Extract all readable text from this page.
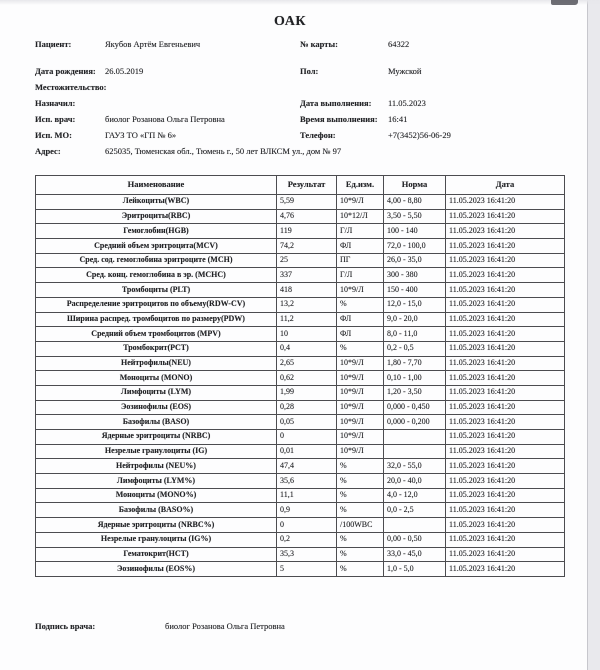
ОАК
Пациент:	Якубов Артём Евгеньевич	№ карты:	64322
Дата рождения: 26.05.2019	Пол:	Мужской
Местожительство:
Назначил:	Дата выполнения: 11.05.2023
Исп. врач:	биолог Розанова Ольга Петровна	Время выполнения: 16:41
Исп. МО:	ГАУЗ ТО «ГП № 6»	Телефон:	+7(3452)56-06-29
Адрес:	625035, Тюменская обл., Тюмень г., 50 лет ВЛКСМ ул., дом № 97
Наименование	Результат	Ед.изм.	Норма	Дата
Лейкоциты(WBC)	5,59	10*9/Л	4,00 - 8,80	11.05.2023 16:41:20
Эритроциты(RBC)	4,76	10*12/Л	3,50 - 5,50	11.05.2023 16:41:20
Гемоглобин(HGB)	119	Г/Л	100 - 140	11.05.2023 16:41:20
Средний объем эритроцита(MCV)	74,2	ФЛ	72,0 - 100,0	11.05.2023 16:41:20
Сред. сод. гемоглобина эритроците (MCH)	25	ПГ	26,0 - 35,0	11.05.2023 16:41:20
Сред. конц. гемоглобина в эр. (MCHC)	337	Г/Л	300 - 380	11.05.2023 16:41:20
Тромбоциты (PLT)	418	10*9/Л	150 - 400	11.05.2023 16:41:20
Распределение эритроцитов по объему(RDW-CV)	13,2	%	12,0 - 15,0	11.05.2023 16:41:20
Ширина распред. тромбоцитов по размеру(PDW)	11,2	ФЛ	9,0 - 20,0	11.05.2023 16:41:20
Средний объем тромбоцитов (MPV)	10	ФЛ	8,0 - 11,0	11.05.2023 16:41:20
Тромбокрит(PCT)	0,4	%	0,2 - 0,5	11.05.2023 16:41:20
Нейтрофилы(NEU)	2,65	10*9/Л	1,80 - 7,70	11.05.2023 16:41:20
Моноциты (MONO)	0,62	10*9/Л	0,10 - 1,00	11.05.2023 16:41:20
Лимфоциты (LYM)	1,99	10*9/Л	1,20 - 3,50	11.05.2023 16:41:20
Эозинофилы (EOS)	0,28	10*9/Л	0,000 - 0,450	11.05.2023 16:41:20
Базофилы (BASO)	0,05	10*9/Л	0,000 - 0,200	11.05.2023 16:41:20
Ядерные эритроциты (NRBC)	0	10*9/Л		11.05.2023 16:41:20
Незрелые гранулоциты (IG)	0,01	10*9/Л		11.05.2023 16:41:20
Нейтрофилы (NEU%)	47,4	%	32,0 - 55,0	11.05.2023 16:41:20
Лимфоциты (LYM%)	35,6	%	20,0 - 40,0	11.05.2023 16:41:20
Моноциты (MONO%)	11,1	%	4,0 - 12,0	11.05.2023 16:41:20
Базофилы (BASO%)	0,9	%	0,0 - 2,5	11.05.2023 16:41:20
Ядерные эритроциты (NRBC%)	0	/100WBC		11.05.2023 16:41:20
Незрелые гранулоциты (IG%)	0,2	%	0,00 - 0,50	11.05.2023 16:41:20
Гематокрит(HCT)	35,3	%	33,0 - 45,0	11.05.2023 16:41:20
Эозинофилы (EOS%)	5	%	1,0 - 5,0	11.05.2023 16:41:20
Подпись врача:	биолог Розанова Ольга Петровна
